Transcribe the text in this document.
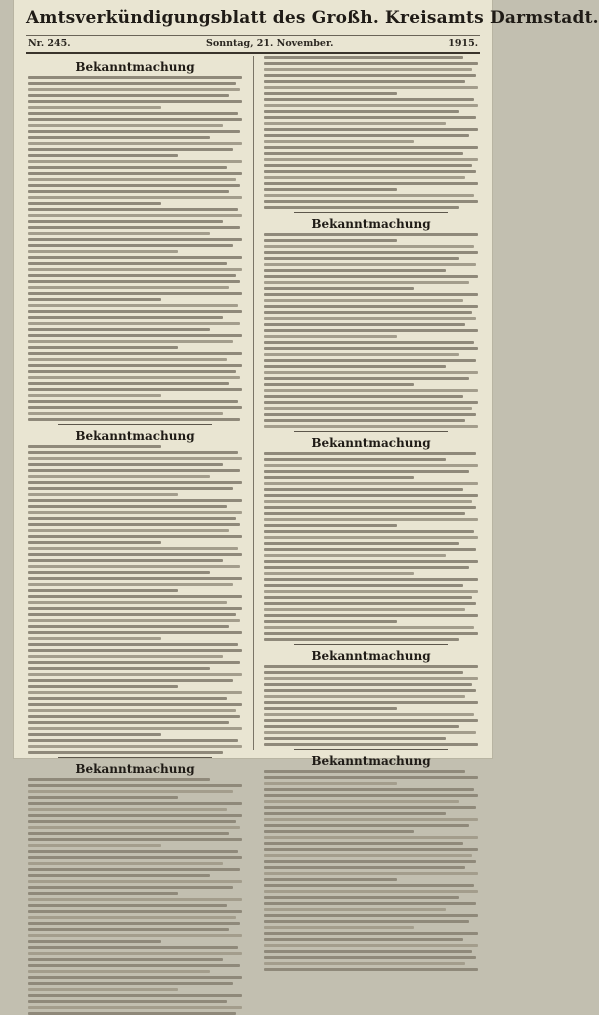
Amtsverkündigungsblatt des Großh. Kreisamts Darmstadt.
Nr. 245.	Sonntag, 21. November.	1915.
Bekanntmachung
Bekanntmachung
Bekanntmachung
Bekanntmachung
Bekanntmachung
Bekanntmachung
Bekanntmachung
